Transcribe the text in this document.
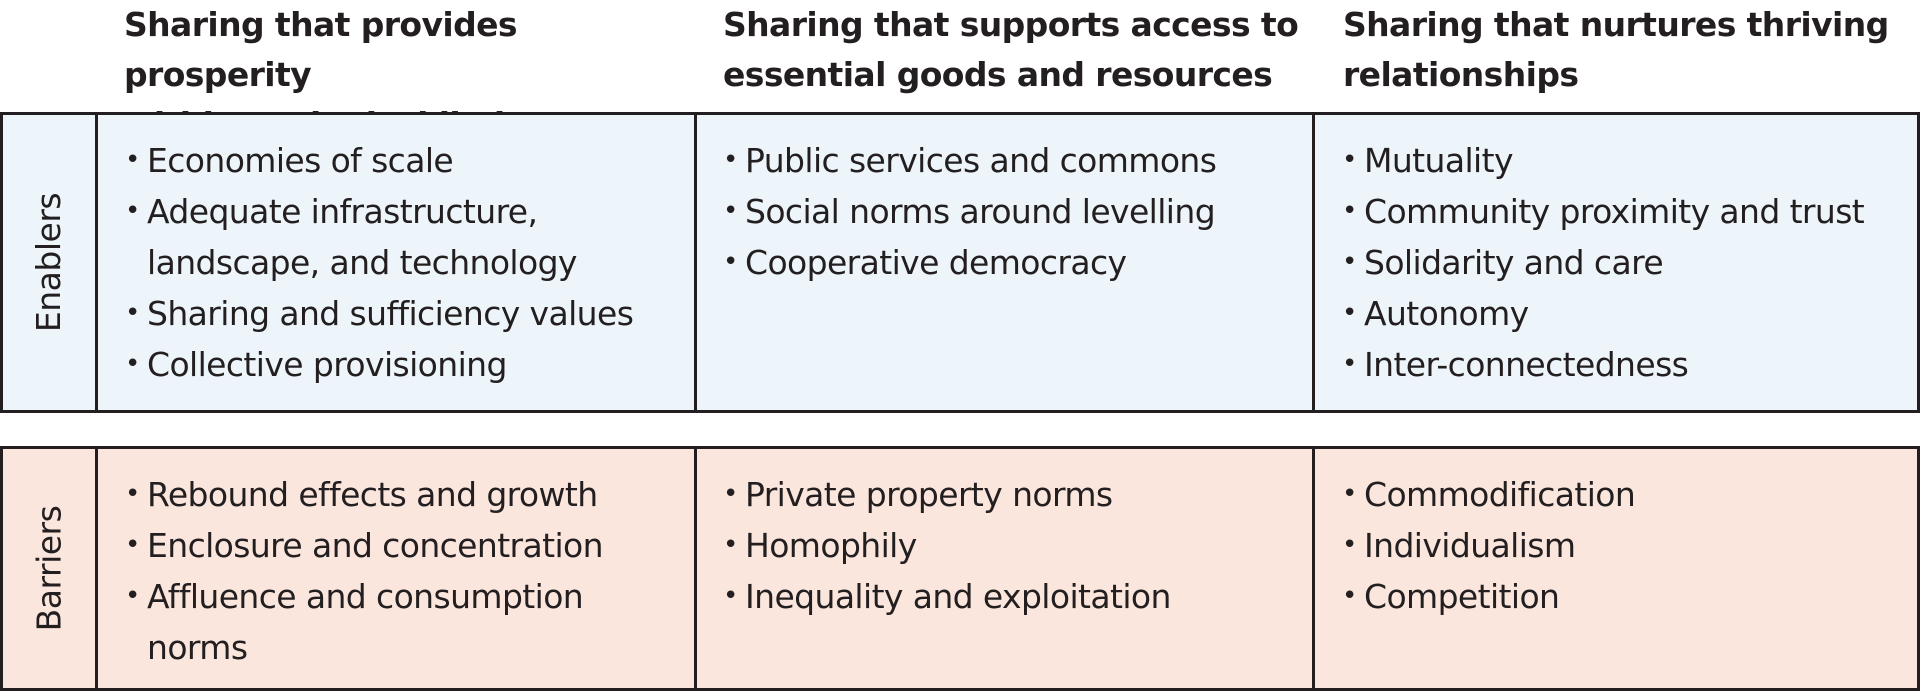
Sharing that provides prosperity
Sharing that supports access to
essential goods and resources
Sharing that nurtures thriving
relationships
Enablers
• Economies of scale
• Adequate infrastructure,
landscape, and technology
• Sharing and sufficiency values
• Collective provisioning
• Public services and commons
• Social norms around levelling
• Cooperative democracy
• Mutuality
• Community proximity and trust
• Solidarity and care
• Autonomy
• Inter-connectedness
Barriers
• Rebound effects and growth
• Enclosure and concentration
• Affluence and consumption
norms
• Private property norms
• Homophily
• Inequality and exploitation
• Commodification
• Individualism
• Competition
